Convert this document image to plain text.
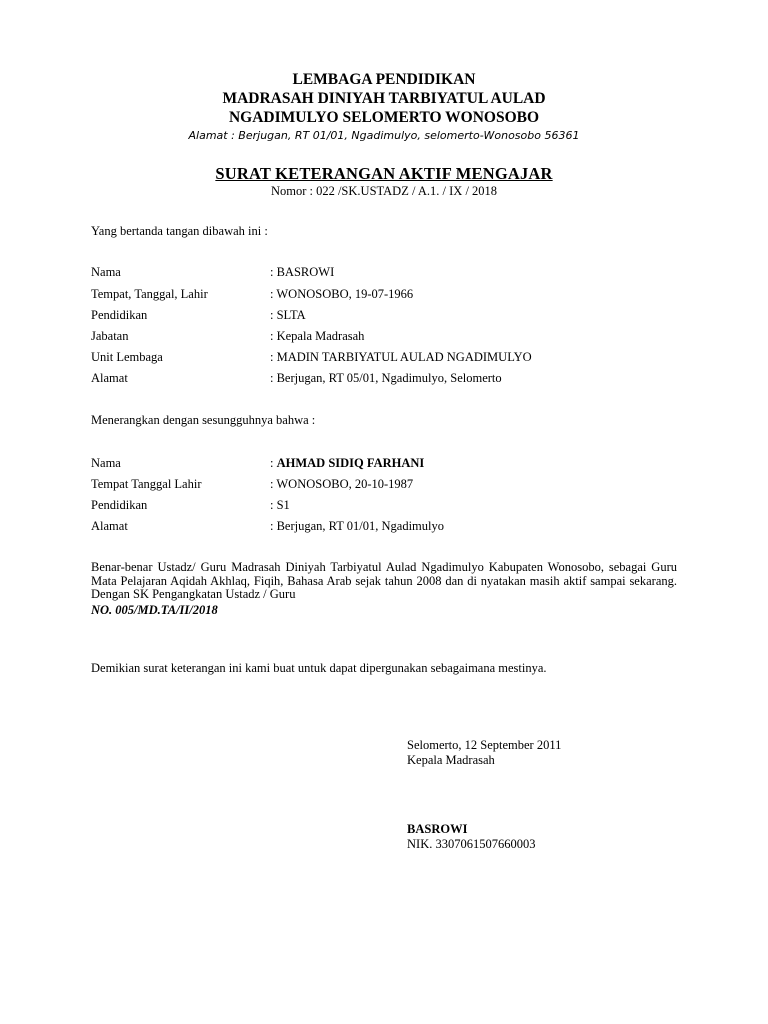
LEMBAGA PENDIDIKAN
MADRASAH DINIYAH TARBIYATUL AULAD
NGADIMULYO SELOMERTO WONOSOBO
Alamat : Berjugan, RT 01/01, Ngadimulyo, selomerto-Wonosobo 56361
SURAT KETERANGAN AKTIF MENGAJAR
Nomor : 022 /SK.USTADZ / A.1. / IX / 2018
Yang bertanda tangan dibawah ini :
Nama	: BASROWI
Tempat, Tanggal, Lahir	: WONOSOBO, 19-07-1966
Pendidikan	: SLTA
Jabatan	: Kepala Madrasah
Unit Lembaga	: MADIN TARBIYATUL AULAD NGADIMULYO
Alamat	: Berjugan, RT 05/01, Ngadimulyo, Selomerto
Menerangkan dengan sesungguhnya bahwa :
Nama	: AHMAD SIDIQ FARHANI
Tempat Tanggal Lahir	: WONOSOBO, 20-10-1987
Pendidikan	: S1
Alamat	: Berjugan, RT 01/01, Ngadimulyo
Benar-benar Ustadz/ Guru Madrasah Diniyah Tarbiyatul Aulad Ngadimulyo Kabupaten Wonosobo, sebagai Guru Mata Pelajaran Aqidah Akhlaq, Fiqih, Bahasa Arab sejak tahun 2008 dan di nyatakan masih aktif sampai sekarang. Dengan SK Pengangkatan Ustadz / Guru
NO. 005/MD.TA/II/2018
Demikian surat keterangan ini kami buat untuk dapat dipergunakan sebagaimana mestinya.
Selomerto, 12 September 2011
Kepala Madrasah
BASROWI
NIK. 3307061507660003
